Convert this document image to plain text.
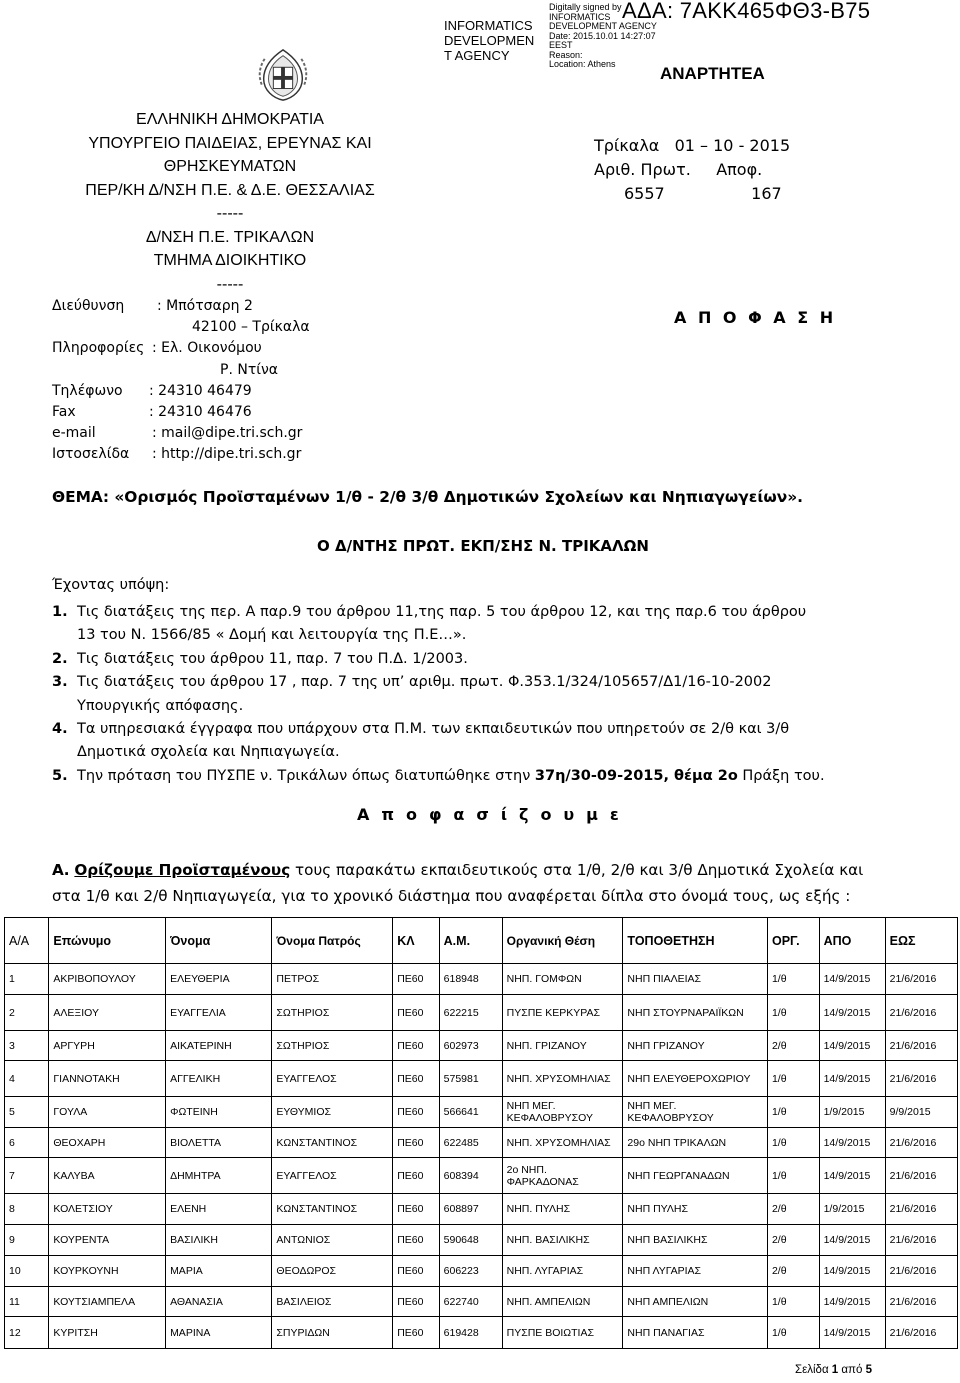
INFORMATICS
DEVELOPMEN
T AGENCY
Digitally signed by
INFORMATICS
DEVELOPMENT AGENCY
Date: 2015.10.01 14:27:07
EEST
Reason:
Location: Athens
ΑΔΑ: 7ΑΚΚ465ΦΘ3-Β75
ΑΝΑΡΤΗΤΕΑ
ΕΛΛΗΝΙΚΗ ΔΗΜΟΚΡΑΤΙΑ
ΥΠΟΥΡΓΕΙΟ ΠΑΙΔΕΙΑΣ, ΕΡΕΥΝΑΣ ΚΑΙ
ΘΡΗΣΚΕΥΜΑΤΩΝ
ΠΕΡ/ΚΗ Δ/ΝΣΗ Π.Ε. & Δ.Ε. ΘΕΣΣΑΛΙΑΣ
-----
Δ/ΝΣΗ Π.Ε. ΤΡΙΚΑΛΩΝ
ΤΜΗΜΑ ΔΙΟΙΚΗΤΙΚΟ
-----
Διεύθυνση	: Μπότσαρη 2
42100 – Τρίκαλα
Πληροφορίες : Ελ. Οικονόμου
Ρ. Ντίνα
Τηλέφωνο	: 24310 46479
Fax	: 24310 46476
e-mail	: mail@dipe.tri.sch.gr
Ιστοσελίδα	: http://dipe.tri.sch.gr
Τρίκαλα   01 – 10 - 2015
Αριθ. Πρωτ.     Αποφ.
6557                 167
Α Π Ο Φ Α Σ Η
ΘΕΜΑ: «Ορισμός Προϊσταμένων 1/θ - 2/θ 3/θ Δημοτικών Σχολείων και Νηπιαγωγείων».
Ο Δ/ΝΤΗΣ ΠΡΩΤ. ΕΚΠ/ΣΗΣ Ν. ΤΡΙΚΑΛΩΝ
Έχοντας υπόψη:
1. Τις διατάξεις της περ. Α παρ.9 του άρθρου 11,της παρ. 5 του άρθρου 12, και της παρ.6 του άρθρου
13 του Ν. 1566/85 « Δομή και λειτουργία της Π.Ε…».
2. Τις διατάξεις του άρθρου 11, παρ. 7 του Π.Δ. 1/2003.
3. Τις διατάξεις του άρθρου 17 , παρ. 7 της υπ’ αριθμ. πρωτ. Φ.353.1/324/105657/Δ1/16-10-2002
Υπουργικής απόφασης.
4. Τα υπηρεσιακά έγγραφα που υπάρχουν στα Π.Μ. των εκπαιδευτικών που υπηρετούν σε 2/θ και 3/θ
Δημοτικά σχολεία και Νηπιαγωγεία.
5. Την πρόταση του ΠΥΣΠΕ ν. Τρικάλων όπως διατυπώθηκε στην 37η/30-09-2015, θέμα 2ο Πράξη του.
Α π ο φ α σ ί ζ ο υ μ ε
Α. Ορίζουμε Προϊσταμένους τους παρακάτω εκπαιδευτικούς στα 1/θ, 2/θ και 3/θ Δημοτικά Σχολεία και
στα 1/θ και 2/θ Νηπιαγωγεία, για το χρονικό διάστημα που αναφέρεται δίπλα στο όνομά τους, ως εξής :
Α/Α	Επώνυμο	Όνομα	Όνομα Πατρός	ΚΛ	Α.Μ.	Οργανική Θέση	ΤΟΠΟΘΕΤΗΣΗ	ΟΡΓ.	ΑΠΟ	ΕΩΣ
1	ΑΚΡΙΒΟΠΟΥΛΟΥ	ΕΛΕΥΘΕΡΙΑ	ΠΕΤΡΟΣ	ΠΕ60	618948	ΝΗΠ. ΓΟΜΦΩΝ	ΝΗΠ ΠΙΑΛΕΙΑΣ	1/θ	14/9/2015	21/6/2016
2	ΑΛΕΞΙΟΥ	ΕΥΑΓΓΕΛΙΑ	ΣΩΤΗΡΙΟΣ	ΠΕ60	622215	ΠΥΣΠΕ ΚΕΡΚΥΡΑΣ	ΝΗΠ ΣΤΟΥΡΝΑΡΑΙΪΚΩΝ	1/θ	14/9/2015	21/6/2016
3	ΑΡΓΥΡΗ	ΑΙΚΑΤΕΡΙΝΗ	ΣΩΤΗΡΙΟΣ	ΠΕ60	602973	ΝΗΠ. ΓΡΙΖΑΝΟΥ	ΝΗΠ ΓΡΙΖΑΝΟΥ	2/θ	14/9/2015	21/6/2016
4	ΓΙΑΝΝΟΤΑΚΗ	ΑΓΓΕΛΙΚΗ	ΕΥΑΓΓΕΛΟΣ	ΠΕ60	575981	ΝΗΠ. ΧΡΥΣΟΜΗΛΙΑΣ	ΝΗΠ ΕΛΕΥΘΕΡΟΧΩΡΙΟΥ	1/θ	14/9/2015	21/6/2016
5	ΓΟΥΛΑ	ΦΩΤΕΙΝΗ	ΕΥΘΥΜΙΟΣ	ΠΕ60	566641	ΝΗΠ ΜΕΓ. ΚΕΦΑΛΟΒΡΥΣΟΥ	ΝΗΠ ΜΕΓ. ΚΕΦΑΛΟΒΡΥΣΟΥ	1/θ	1/9/2015	9/9/2015
6	ΘΕΟΧΑΡΗ	ΒΙΟΛΕΤΤΑ	ΚΩΝΣΤΑΝΤΙΝΟΣ	ΠΕ60	622485	ΝΗΠ. ΧΡΥΣΟΜΗΛΙΑΣ	29ο ΝΗΠ ΤΡΙΚΑΛΩΝ	1/θ	14/9/2015	21/6/2016
7	ΚΑΛΥΒΑ	ΔΗΜΗΤΡΑ	ΕΥΑΓΓΕΛΟΣ	ΠΕ60	608394	2ο ΝΗΠ. ΦΑΡΚΑΔΟΝΑΣ	ΝΗΠ ΓΕΩΡΓΑΝΑΔΩΝ	1/θ	14/9/2015	21/6/2016
8	ΚΟΛΕΤΣΙΟΥ	ΕΛΕΝΗ	ΚΩΝΣΤΑΝΤΙΝΟΣ	ΠΕ60	608897	ΝΗΠ. ΠΥΛΗΣ	ΝΗΠ ΠΥΛΗΣ	2/θ	1/9/2015	21/6/2016
9	ΚΟΥΡΕΝΤΑ	ΒΑΣΙΛΙΚΗ	ΑΝΤΩΝΙΟΣ	ΠΕ60	590648	ΝΗΠ. ΒΑΣΙΛΙΚΗΣ	ΝΗΠ ΒΑΣΙΛΙΚΗΣ	2/θ	14/9/2015	21/6/2016
10	ΚΟΥΡΚΟΥΝΗ	ΜΑΡΙΑ	ΘΕΟΔΩΡΟΣ	ΠΕ60	606223	ΝΗΠ. ΛΥΓΑΡΙΑΣ	ΝΗΠ ΛΥΓΑΡΙΑΣ	2/θ	14/9/2015	21/6/2016
11	ΚΟΥΤΣΙΑΜΠΕΛΑ	ΑΘΑΝΑΣΙΑ	ΒΑΣΙΛΕΙΟΣ	ΠΕ60	622740	ΝΗΠ. ΑΜΠΕΛΙΩΝ	ΝΗΠ ΑΜΠΕΛΙΩΝ	1/θ	14/9/2015	21/6/2016
12	ΚΥΡΙΤΣΗ	ΜΑΡΙΝΑ	ΣΠΥΡΙΔΩΝ	ΠΕ60	619428	ΠΥΣΠΕ ΒΟΙΩΤΙΑΣ	ΝΗΠ ΠΑΝΑΓΙΑΣ	1/θ	14/9/2015	21/6/2016
Σελίδα 1 από 5
